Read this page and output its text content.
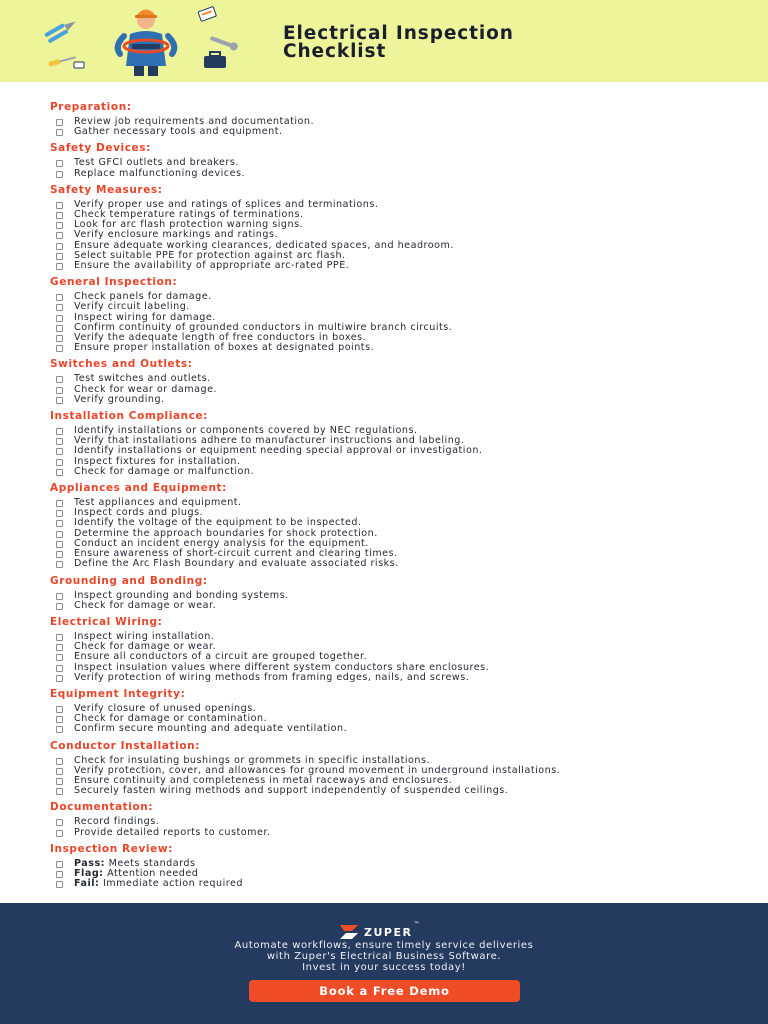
Electrical Inspection
Checklist
Preparation:
Review job requirements and documentation.
Gather necessary tools and equipment.
Safety Devices:
Test GFCI outlets and breakers.
Replace malfunctioning devices.
Safety Measures:
Verify proper use and ratings of splices and terminations.
Check temperature ratings of terminations.
Look for arc flash protection warning signs.
Verify enclosure markings and ratings.
Ensure adequate working clearances, dedicated spaces, and headroom.
Select suitable PPE for protection against arc flash.
Ensure the availability of appropriate arc-rated PPE.
General Inspection:
Check panels for damage.
Verify circuit labeling.
Inspect wiring for damage.
Confirm continuity of grounded conductors in multiwire branch circuits.
Verify the adequate length of free conductors in boxes.
Ensure proper installation of boxes at designated points.
Switches and Outlets:
Test switches and outlets.
Check for wear or damage.
Verify grounding.
Installation Compliance:
Identify installations or components covered by NEC regulations.
Verify that installations adhere to manufacturer instructions and labeling.
Identify installations or equipment needing special approval or investigation.
Inspect fixtures for installation.
Check for damage or malfunction.
Appliances and Equipment:
Test appliances and equipment.
Inspect cords and plugs.
Identify the voltage of the equipment to be inspected.
Determine the approach boundaries for shock protection.
Conduct an incident energy analysis for the equipment.
Ensure awareness of short-circuit current and clearing times.
Define the Arc Flash Boundary and evaluate associated risks.
Grounding and Bonding:
Inspect grounding and bonding systems.
Check for damage or wear.
Electrical Wiring:
Inspect wiring installation.
Check for damage or wear.
Ensure all conductors of a circuit are grouped together.
Inspect insulation values where different system conductors share enclosures.
Verify protection of wiring methods from framing edges, nails, and screws.
Equipment Integrity:
Verify closure of unused openings.
Check for damage or contamination.
Confirm secure mounting and adequate ventilation.
Conductor Installation:
Check for insulating bushings or grommets in specific installations.
Verify protection, cover, and allowances for ground movement in underground installations.
Ensure continuity and completeness in metal raceways and enclosures.
Securely fasten wiring methods and support independently of suspended ceilings.
Documentation:
Record findings.
Provide detailed reports to customer.
Inspection Review:
Pass: Meets standards
Flag: Attention needed
Fail: Immediate action required
ZUPER
™
Automate workflows, ensure timely service deliveries
with Zuper's Electrical Business Software.
Invest in your success today!
Book a Free Demo
